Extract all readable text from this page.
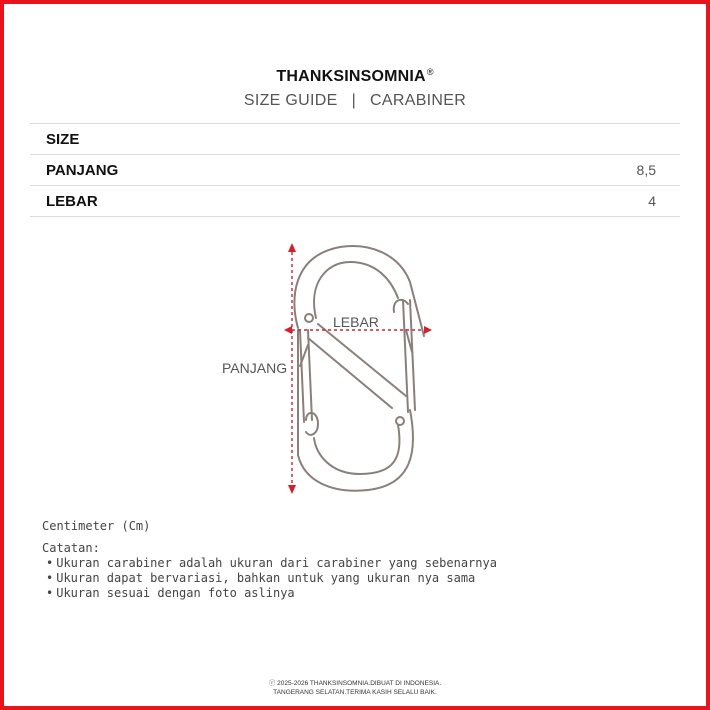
THANKSINSOMNIA®
SIZE GUIDE | CARABINER
SIZE
PANJANG	8,5
LEBAR	4
LEBAR
PANJANG
Centimeter (Cm)
Catatan:
• Ukuran carabiner adalah ukuran dari carabiner yang sebenarnya
• Ukuran dapat bervariasi, bahkan untuk yang ukuran nya sama
• Ukuran sesuai dengan foto aslinya
ⓡ 2025-2026 THANKSINSOMNIA.DIBUAT DI INDONESIA.
TANGERANG SELATAN.TERIMA KASIH SELALU BAIK.
